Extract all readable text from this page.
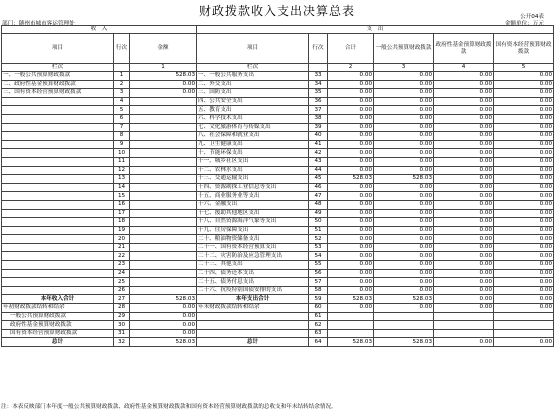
财政拨款收入支出决算总表	公开04表
部门：随州市城市客运管理处	金额单位：万元
收　入			支　出					
项目	行次	金额	项目	行次	合计	一般公共预算财政拨款	政府性基金预算财政拨款	国有资本经营预算财政拨款
栏次		1	栏次		2	3	4	5
一、一般公共预算财政拨款	1	528.03	一、一般公共服务支出	33	0.00	0.00	0.00	0.00
二、政府性基金预算财政拨款	2	0.00	二、外交支出	34	0.00	0.00	0.00	0.00
三、国有资本经营预算财政拨款	3	0.00	三、国防支出	35	0.00	0.00	0.00	0.00
	4		四、公共安全支出	36	0.00	0.00	0.00	0.00
	5		五、教育支出	37	0.00	0.00	0.00	0.00
	6		六、科学技术支出	38	0.00	0.00	0.00	0.00
	7		七、文化旅游体育与传媒支出	39	0.00	0.00	0.00	0.00
	8		八、社会保障和就业支出	40	0.00	0.00	0.00	0.00
	9		九、卫生健康支出	41	0.00	0.00	0.00	0.00
	10		十、节能环保支出	42	0.00	0.00	0.00	0.00
	11		十一、城乡社区支出	43	0.00	0.00	0.00	0.00
	12		十二、农林水支出	44	0.00	0.00	0.00	0.00
	13		十三、交通运输支出	45	528.03	528.03	0.00	0.00
	14		十四、资源勘探工业信息等支出	46	0.00	0.00	0.00	0.00
	15		十五、商业服务业等支出	47	0.00	0.00	0.00	0.00
	16		十六、金融支出	48	0.00	0.00	0.00	0.00
	17		十七、援助其他地区支出	49	0.00	0.00	0.00	0.00
	18		十八、自然资源海洋气象等支出	50	0.00	0.00	0.00	0.00
	19		十九、住房保障支出	51	0.00	0.00	0.00	0.00
	20		二十、粮油物资储备支出	52	0.00	0.00	0.00	0.00
	21		二十一、国有资本经营预算支出	53	0.00	0.00	0.00	0.00
	22		二十二、灾害防治及应急管理支出	54	0.00	0.00	0.00	0.00
	23		二十三、其他支出	55	0.00	0.00	0.00	0.00
	24		二十四、债务还本支出	56	0.00	0.00	0.00	0.00
	25		二十五、债务付息支出	57	0.00	0.00	0.00	0.00
	26		二十六、抗疫特别国债安排的支出	58	0.00	0.00	0.00	0.00
本年收入合计	27	528.03	本年支出合计	59	528.03	528.03	0.00	0.00
年初财政拨款结转和结余	28	0.00	年末财政拨款结转和结余	60	0.00	0.00	0.00	0.00
一般公共预算财政拨款	29	0.00		61				
政府性基金预算财政拨款	30	0.00		62				
国有资本经营预算财政拨款	31	0.00		63				
总计	32	528.03	总计	64	528.03	528.03	0.00	0.00
注：本表反映部门本年度一般公共预算财政拨款、政府性基金预算财政拨款和国有资本经营预算财政拨款的总收支和年末结转结余情况。
